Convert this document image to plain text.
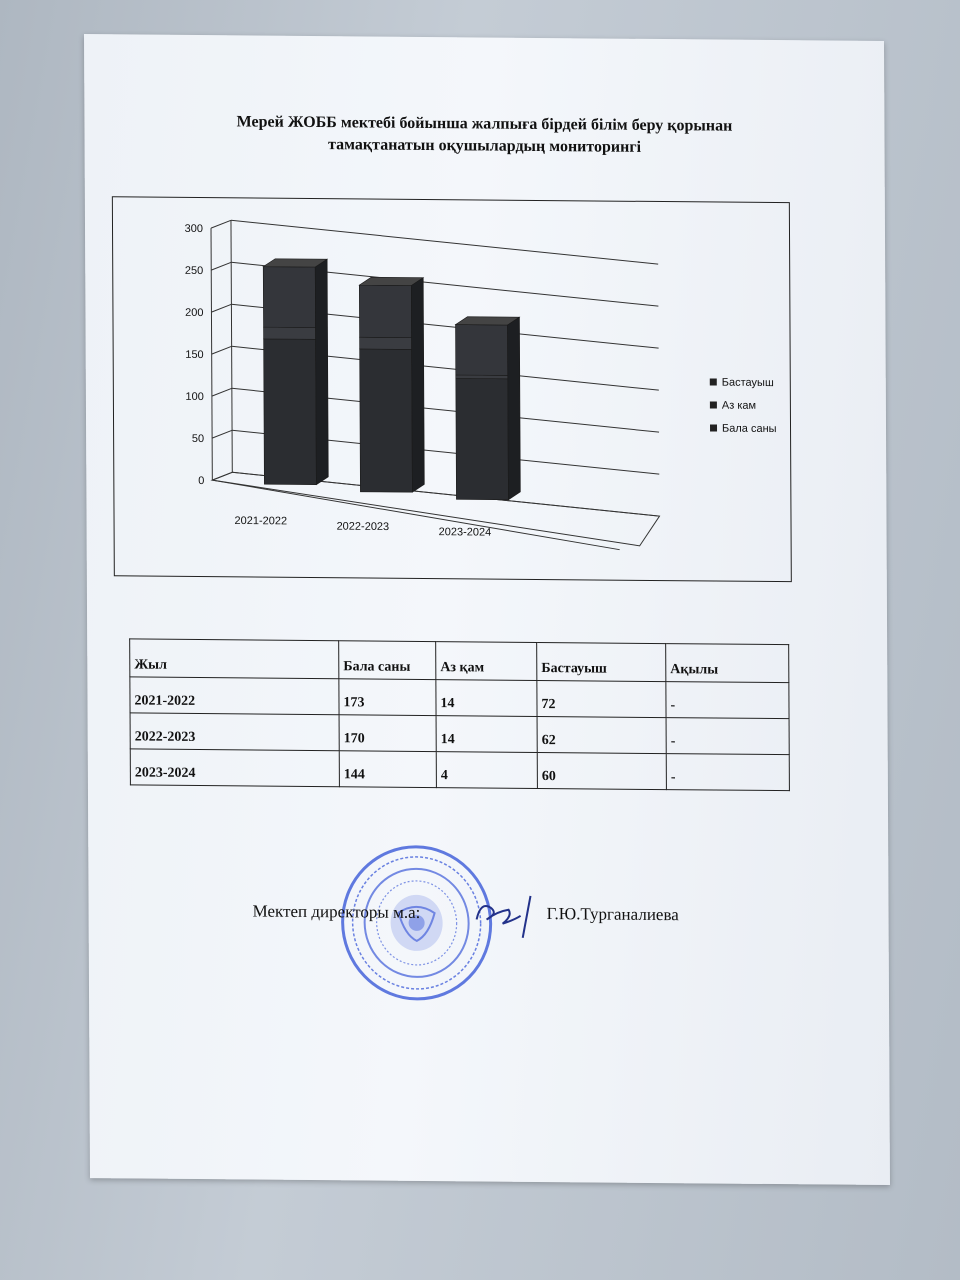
Мерей ЖОББ мектебі бойынша жалпыға бірдей білім беру қорынан
тамақтанатын оқушылардың мониторингі
0
50
100
150
200
250
300
2021-2022	2022-2023	2023-2024
Бастауыш
Аз кам
Бала саны
Жыл	Бала саны	Аз қам	Бастауыш	Ақылы
2021-2022	173	14	72	-
2022-2023	170	14	62	-
2023-2024	144	4	60	-
Мектеп директоры м.а:	Г.Ю.Турганалиева
